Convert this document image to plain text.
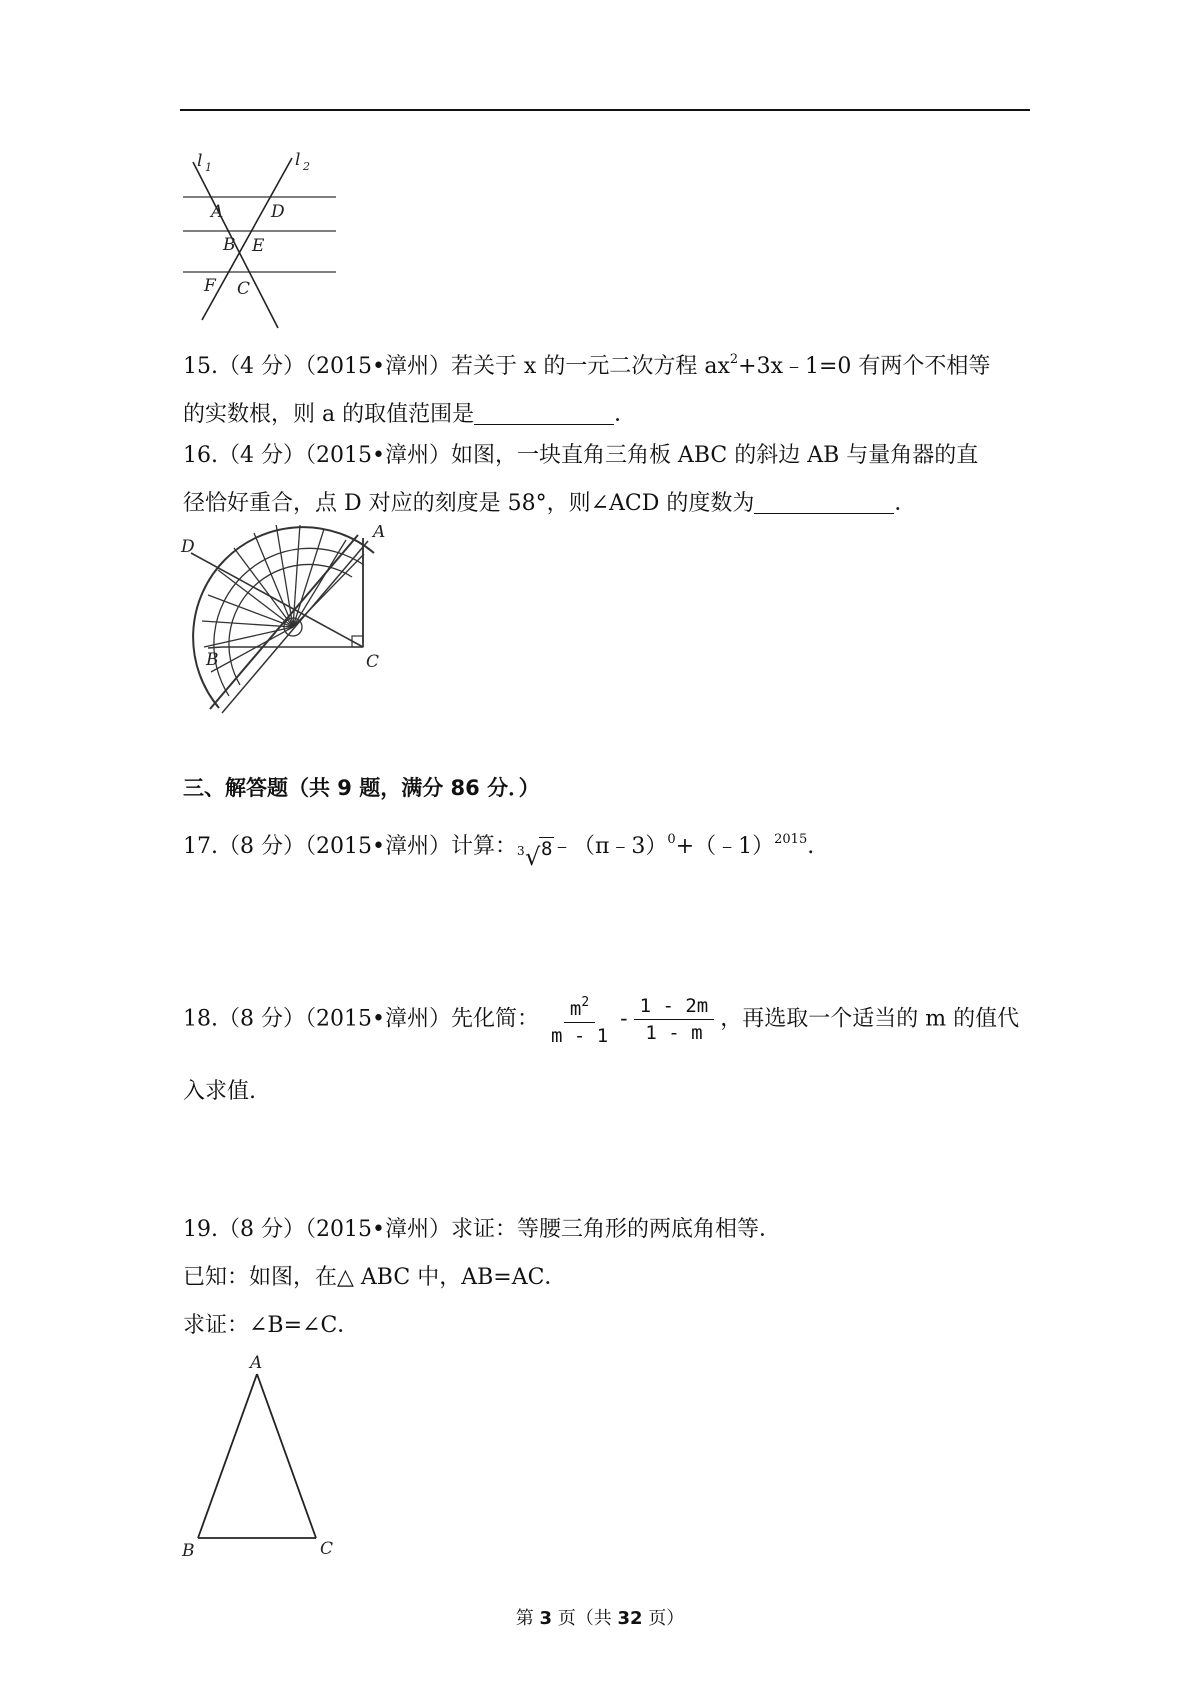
l 1	l 2
A	D
B E
F C
15.（4 分）（2015•漳州）若关于 x 的一元二次方程 $ax^2+3x﹣1=0$ 有两个不相等
的实数根，则 a 的取值范围是	．
16.（4 分）（2015•漳州）如图，一块直角三角板 ABC 的斜边 AB 与量角器的直
径恰好重合，点 D 对应的刻度是 58°，则∠ACD 的度数为	．
D
A
B	C
三、解答题（共 9 题，满分 86 分．）
17.（8 分）（2015•漳州）计算： 3 √ 8
﹣（π﹣3）$^0$+（﹣1）$^{2015}$.
18.（8 分）（2015•漳州）先化简： $\frac{m^2}{m - 1} - \frac{1 - 2m}{1 - m}$ ，再选取一个适当的 m 的值代
入求值.
19.（8 分）（2015•漳州）求证：等腰三角形的两底角相等．
已知：如图，在△ ABC 中，AB=AC．
求证：∠B=∠C．
A
B	C
第 3 页（共 32 页）
